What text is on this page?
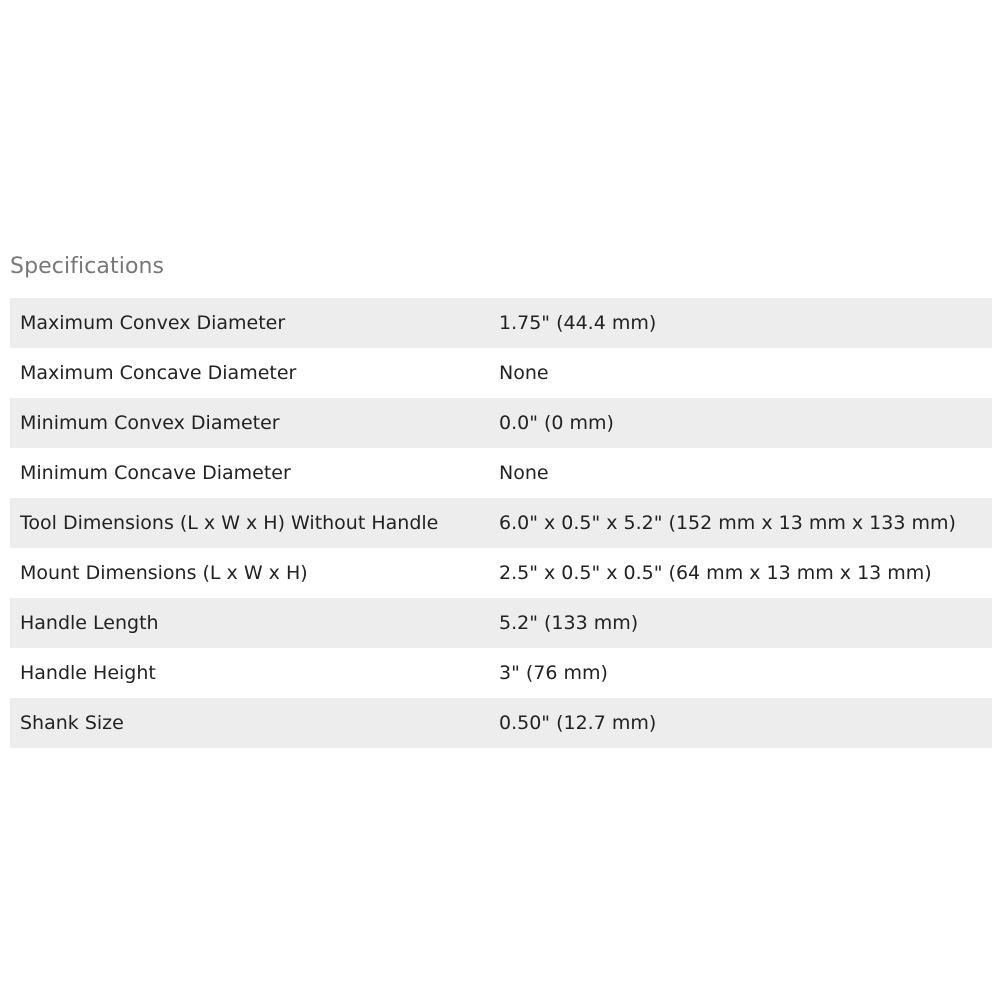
Specifications
Maximum Convex Diameter	1.75" (44.4 mm)
Maximum Concave Diameter	None
Minimum Convex Diameter	0.0" (0 mm)
Minimum Concave Diameter	None
Tool Dimensions (L x W x H) Without Handle	6.0" x 0.5" x 5.2" (152 mm x 13 mm x 133 mm)
Mount Dimensions (L x W x H)	2.5" x 0.5" x 0.5" (64 mm x 13 mm x 13 mm)
Handle Length	5.2" (133 mm)
Handle Height	3" (76 mm)
Shank Size	0.50" (12.7 mm)
